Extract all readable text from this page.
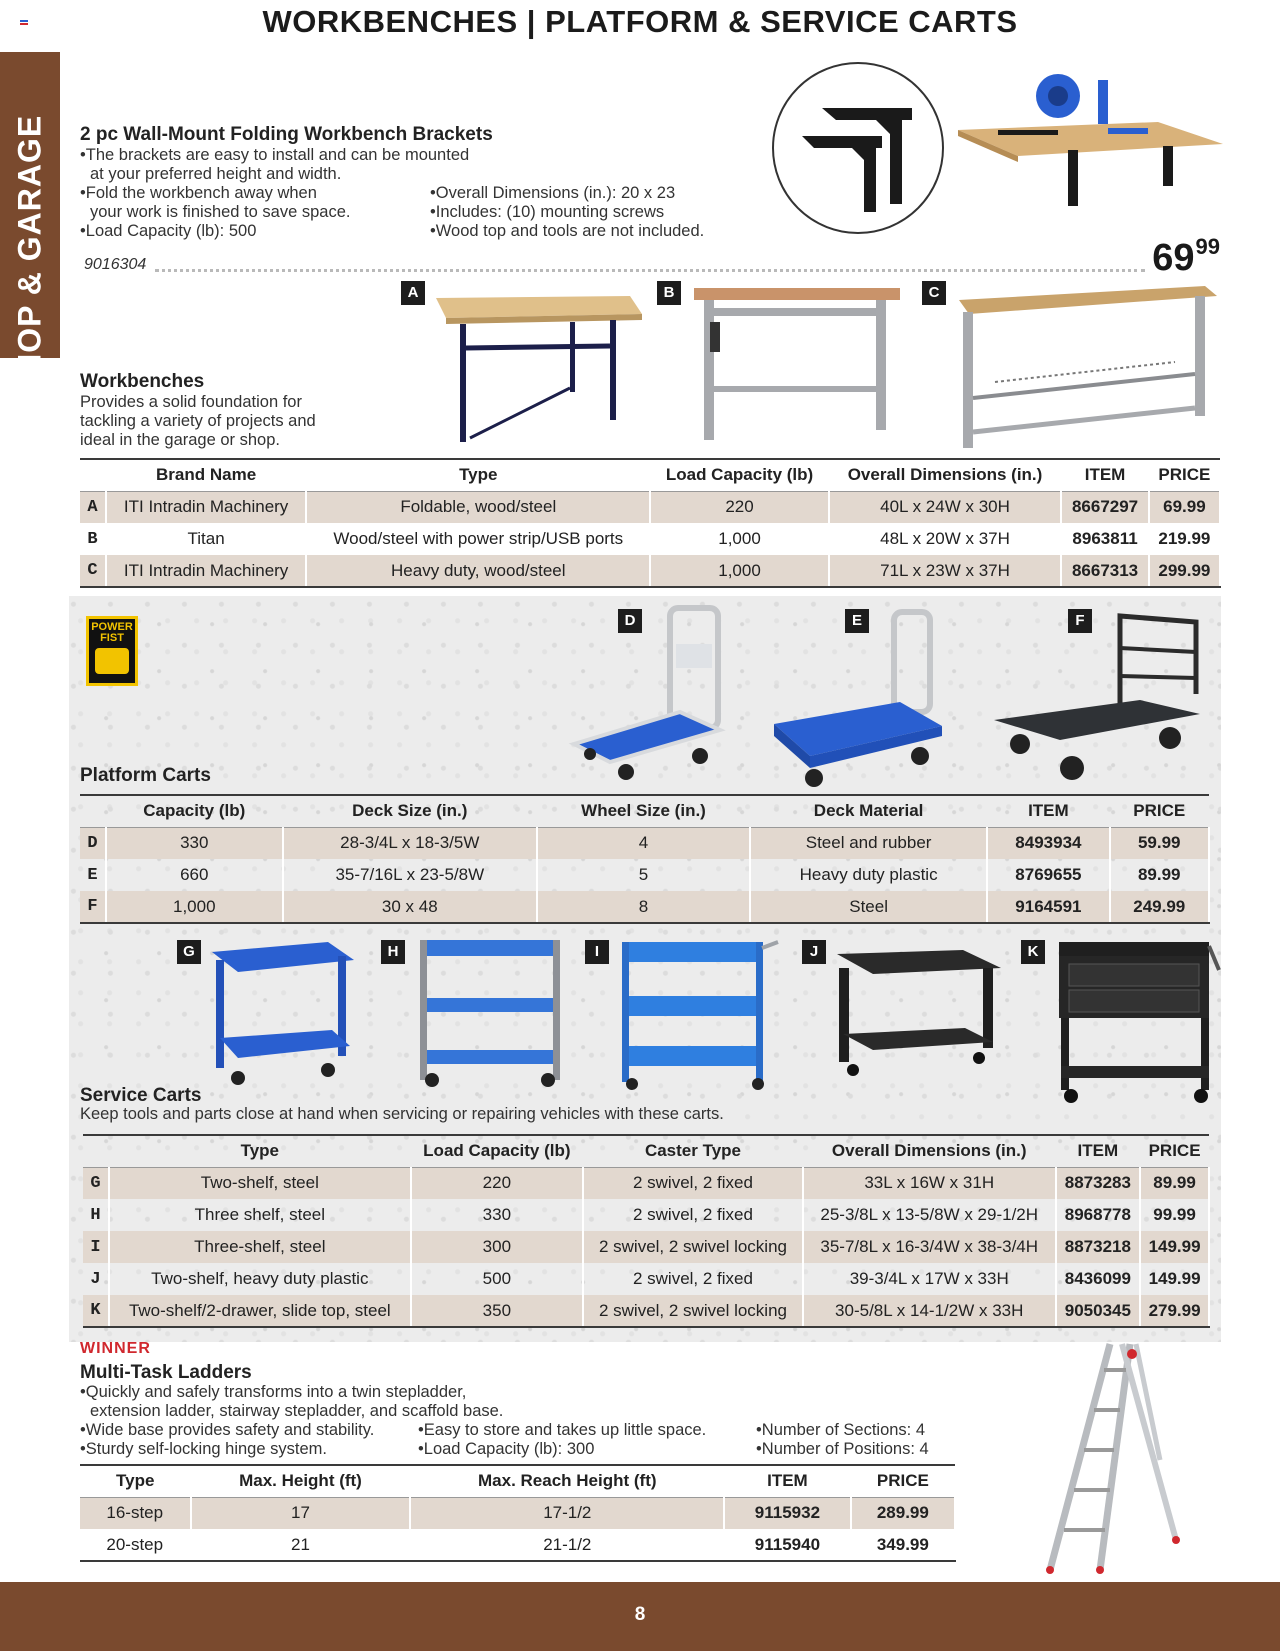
WORKBENCHES | PLATFORM & SERVICE CARTS
SHOP & GARAGE 2 pc Wall-Mount Folding Workbench Brackets
•The brackets are easy to install and can be mounted
at your preferred height and width.
•Fold the workbench away when
your work is finished to save space.
•Load Capacity (lb): 500
•Overall Dimensions (in.): 20 x 23
•Includes: (10) mounting screws
•Wood top and tools are not included.
9016304	$69^{99}$
A	B	C
Workbenches
Provides a solid foundation for
tackling a variety of projects and
ideal in the garage or shop.
	Brand Name	Type	Load Capacity (lb)	Overall Dimensions (in.)	ITEM	PRICE
A	ITI Intradin Machinery	Foldable, wood/steel	220	40L x 24W x 30H	8667297	69.99
B	Titan	Wood/steel with power strip/USB ports	1,000	48L x 20W x 37H	8963811	219.99
C	ITI Intradin Machinery	Heavy duty, wood/steel	1,000	71L x 23W x 37H	8667313	299.99
POWER
FIST
D	E	F
Platform Carts
	Capacity (lb)	Deck Size (in.)	Wheel Size (in.)	Deck Material	ITEM	PRICE
D	330	28-3/4L x 18-3/5W	4	Steel and rubber	8493934	59.99
E	660	35-7/16L x 23-5/8W	5	Heavy duty plastic	8769655	89.99
F	1,000	30 x 48	8	Steel	9164591	249.99
G	H	I	J	K
Service Carts
Keep tools and parts close at hand when servicing or repairing vehicles with these carts.
	Type	Load Capacity (lb)	Caster Type	Overall Dimensions (in.)	ITEM	PRICE
G	Two-shelf, steel	220	2 swivel, 2 fixed	33L x 16W x 31H	8873283	89.99
H	Three shelf, steel	330	2 swivel, 2 fixed	25-3/8L x 13-5/8W x 29-1/2H	8968778	99.99
I	Three-shelf, steel	300	2 swivel, 2 swivel locking	35-7/8L x 16-3/4W x 38-3/4H	8873218	149.99
J	Two-shelf, heavy duty plastic	500	2 swivel, 2 fixed	39-3/4L x 17W x 33H	8436099	149.99
K	Two-shelf/2-drawer, slide top, steel	350	2 swivel, 2 swivel locking	30-5/8L x 14-1/2W x 33H	9050345	279.99
WINNER
Multi-Task Ladders
•Quickly and safely transforms into a twin stepladder,
extension ladder, stairway stepladder, and scaffold base.
•Wide base provides safety and stability.
•Sturdy self-locking hinge system.
•Easy to store and takes up little space.
•Load Capacity (lb): 300
•Number of Sections: 4
•Number of Positions: 4
Type	Max. Height (ft)	Max. Reach Height (ft)	ITEM	PRICE
16-step	17	17-1/2	9115932	289.99
20-step	21	21-1/2	9115940	349.99
8
